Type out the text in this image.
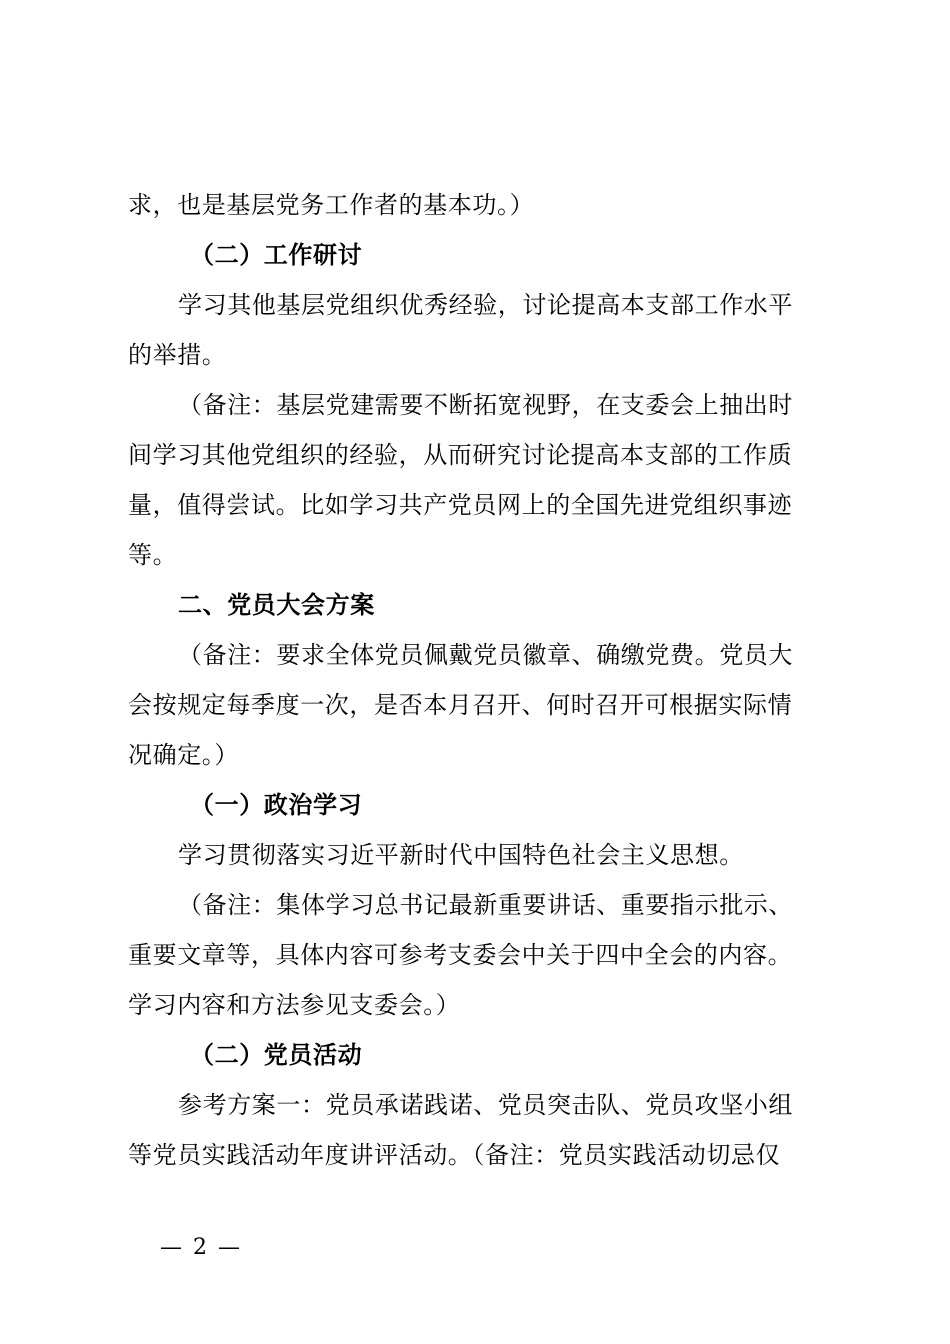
求，也是基层党务工作者的基本功。）
（二）工作研讨
学习其他基层党组织优秀经验，讨论提高本支部工作水平
的举措。
（备注：基层党建需要不断拓宽视野，在支委会上抽出时
间学习其他党组织的经验，从而研究讨论提高本支部的工作质
量，值得尝试。比如学习共产党员网上的全国先进党组织事迹
等。
二、党员大会方案
（备注：要求全体党员佩戴党员徽章、确缴党费。党员大
会按规定每季度一次，是否本月召开、何时召开可根据实际情
况确定。）
（一）政治学习
学习贯彻落实习近平新时代中国特色社会主义思想。
（备注：集体学习总书记最新重要讲话、重要指示批示、
重要文章等，具体内容可参考支委会中关于四中全会的内容。
学习内容和方法参见支委会。）
（二）党员活动
参考方案一：党员承诺践诺、党员突击队、党员攻坚小组
等党员实践活动年度讲评活动。（备注：党员实践活动切忌仅
— 2 —
